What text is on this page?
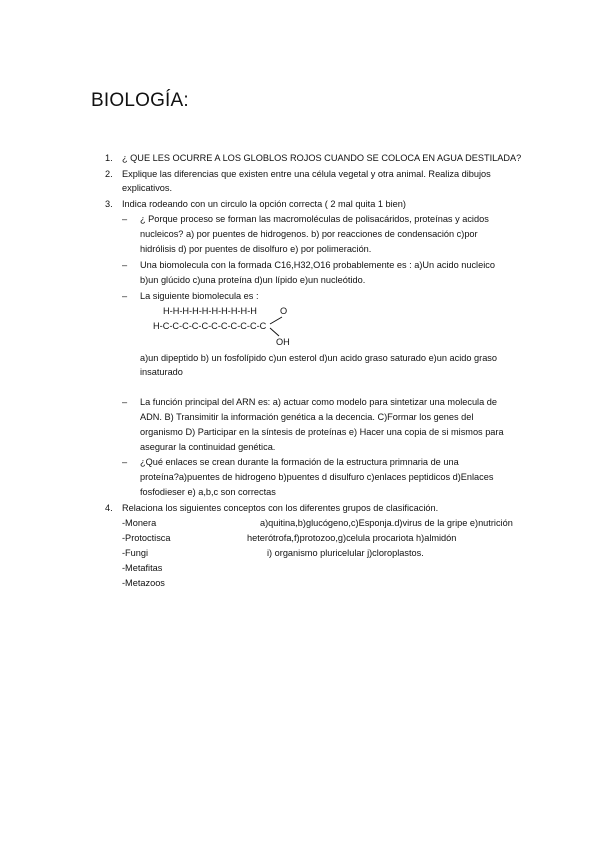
BIOLOGÍA:
1. ¿ QUE LES OCURRE A LOS GLOBLOS ROJOS CUANDO SE COLOCA EN AGUA DESTILADA?
2. Explique las diferencias que existen entre una célula vegetal y otra animal. Realiza dibujos
explicativos.
3. Indica rodeando con un circulo la opción correcta ( 2 mal quita 1 bien)
– ¿ Porque proceso se forman las macromoléculas de polisacáridos, proteínas y acidos
nucleicos? a) por puentes de hidrogenos. b) por reacciones de condensación c)por
hidrólisis d) por puentes de disolfuro e) por polimeración.
– Una biomolecula con la formada C16,H32,O16 probablemente es : a)Un acido nucleico
b)un glúcido c)una proteína d)un lípido e)un nucleótido.
– La siguiente biomolecula es :
H-H-H-H-H-H-H-H-H-H	O
H-C-C-C-C-C-C-C-C-C-C-C
OH
a)un dipeptido b) un fosfolípido c)un esterol d)un acido graso saturado e)un acido graso
insaturado
– La función principal del ARN es: a) actuar como modelo para sintetizar una molecula de
ADN. B) Transimitir la información genética a la decencia. C)Formar los genes del
organismo D) Participar en la síntesis de proteínas e) Hacer una copia de si mismos para
asegurar la continuidad genética.
– ¿Qué enlaces se crean durante la formación de la estructura primnaria de una
proteína?a)puentes de hidrogeno b)puentes d disulfuro c)enlaces peptidicos d)Enlaces
fosfodieser e) a,b,c son correctas
4. Relaciona los siguientes conceptos con los diferentes grupos de clasificación.
-Monera
-Protoctisca
-Fungi
-Metafitas
-Metazoos
a)quitina,b)glucógeno,c)Esponja.d)virus de la gripe e)nutrición
heterótrofa,f)protozoo,g)celula procariota h)almidón
i) organismo pluricelular j)cloroplastos.
